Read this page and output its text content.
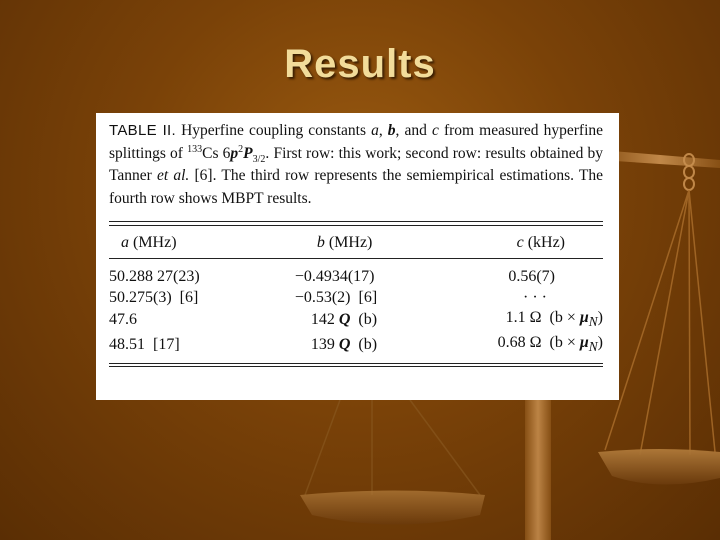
Results

TABLE II. Hyperfine coupling constants a, b, and c from measured hyperfine splittings of $^{133}$Cs $6p^2P_{3/2}$. First row: this work; second row: results obtained by Tanner et al. [6]. The third row represents the semiempirical estimations. The fourth row shows MBPT results.

a (MHz)	b (MHz)	c (kHz)
50.288 27(23)	−0.4934(17)	0.56(7)
50.275(3)  [6]	−0.53(2)  [6]	· · ·
47.6	142 Q  (b)	1.1 Ω  $(b \times \mu_N)$
48.51  [17]	139 Q  (b)	0.68 Ω  $(b \times \mu_N)$
